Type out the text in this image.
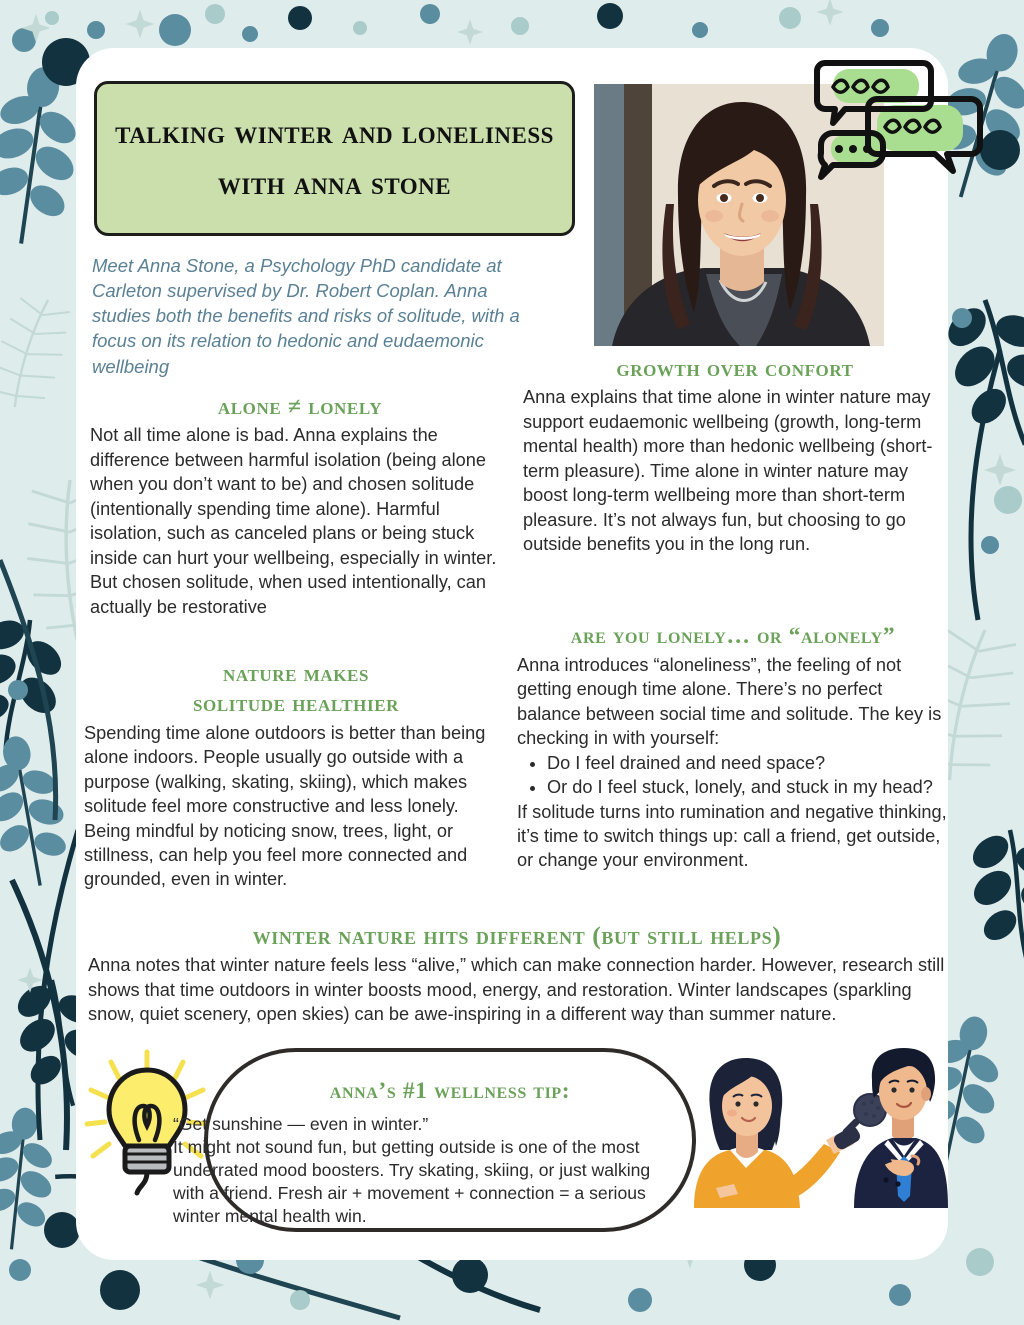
talking winter and loneliness with anna stone
Meet Anna Stone, a Psychology PhD candidate at Carleton supervised by Dr. Robert Coplan. Anna studies both the benefits and risks of solitude, with a focus on its relation to hedonic and eudaemonic wellbeing
alone ≠ lonely

Not all time alone is bad. Anna explains the difference between harmful isolation (being alone when you don’t want to be) and chosen solitude (intentionally spending time alone). Harmful isolation, such as canceled plans or being stuck inside can hurt your wellbeing, especially in winter. But chosen solitude, when used intentionally, can actually be restorative

nature makes
solitude healthier

Spending time alone outdoors is better than being alone indoors. People usually go outside with a purpose (walking, skating, skiing), which makes solitude feel more constructive and less lonely. Being mindful by noticing snow, trees, light, or stillness, can help you feel more connected and grounded, even in winter.

growth over confort

Anna explains that time alone in winter nature may support eudaemonic wellbeing (growth, long-term mental health) more than hedonic wellbeing (short-term pleasure). Time alone in winter nature may boost long-term wellbeing more than short-term pleasure. It’s not always fun, but choosing to go outside benefits you in the long run.

are you lonely… or “alonely”

Anna introduces “aloneliness”, the feeling of not getting enough time alone. There’s no perfect balance between social time and solitude. The key is checking in with yourself:

• Do I feel drained and need space?
• Or do I feel stuck, lonely, and stuck in my head?

If solitude turns into rumination and negative thinking, it’s time to switch things up: call a friend, get outside, or change your environment.

winter nature hits different (but still helps)

Anna notes that winter nature feels less “alive,” which can make connection harder. However, research still shows that time outdoors in winter boosts mood, energy, and restoration. Winter landscapes (sparkling snow, quiet scenery, open skies) can be awe-inspiring in a different way than summer nature.

anna’s #1 wellness tip:
“Get sunshine — even in winter.”
It might not sound fun, but getting outside is one of the most underrated mood boosters. Try skating, skiing, or just walking with a friend. Fresh air + movement + connection = a serious winter mental health win.
